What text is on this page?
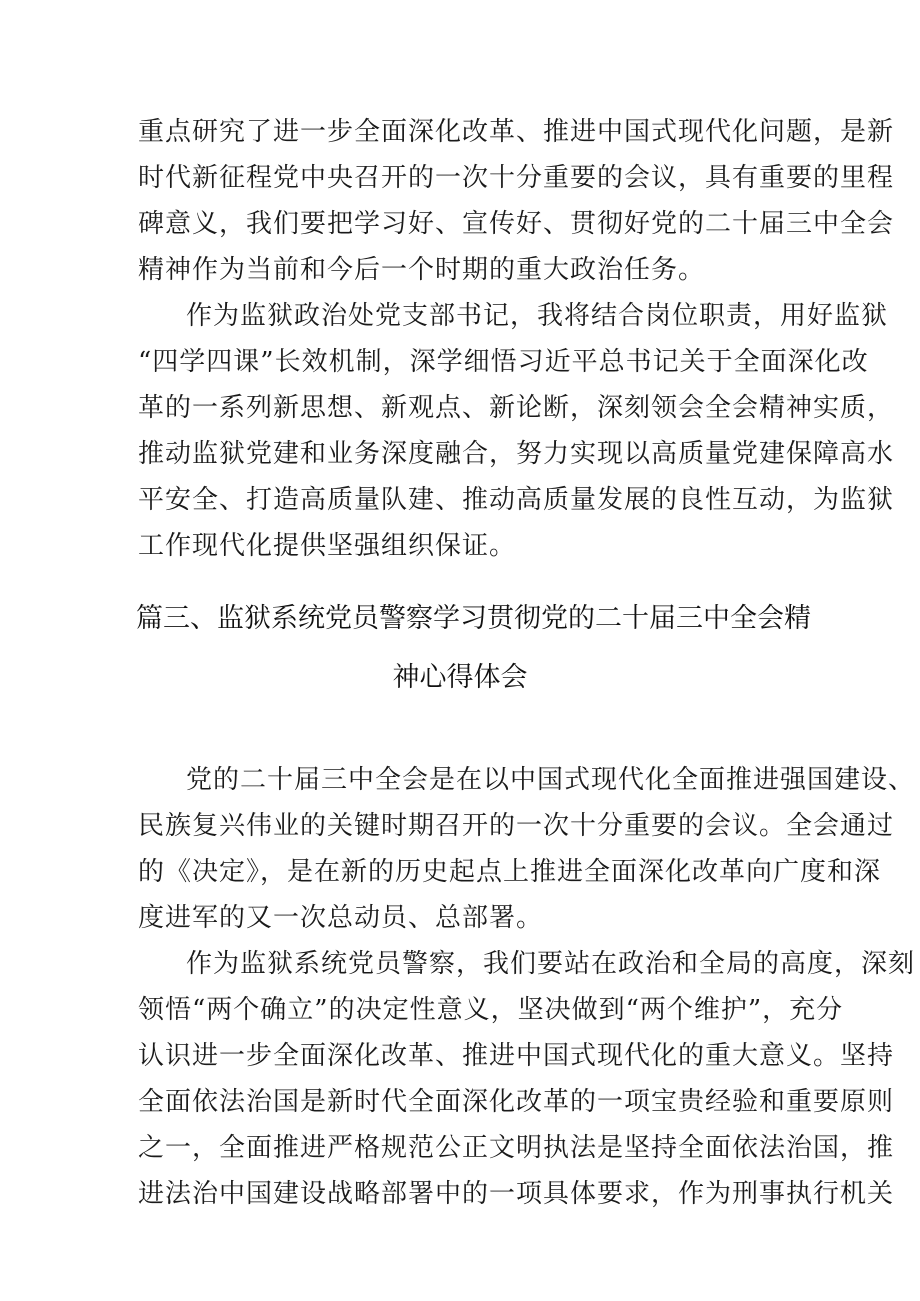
重点研究了进一步全面深化改革、推进中国式现代化问题，是新
时代新征程党中央召开的一次十分重要的会议，具有重要的里程
碑意义，我们要把学习好、宣传好、贯彻好党的二十届三中全会
精神作为当前和今后一个时期的重大政治任务。
作为监狱政治处党支部书记，我将结合岗位职责，用好监狱
“四学四课”长效机制，深学细悟习近平总书记关于全面深化改
革的一系列新思想、新观点、新论断，深刻领会全会精神实质，
推动监狱党建和业务深度融合，努力实现以高质量党建保障高水
平安全、打造高质量队建、推动高质量发展的良性互动，为监狱
工作现代化提供坚强组织保证。
篇三、监狱系统党员警察学习贯彻党的二十届三中全会精
神心得体会
党的二十届三中全会是在以中国式现代化全面推进强国建设、
民族复兴伟业的关键时期召开的一次十分重要的会议。全会通过
的《决定》，是在新的历史起点上推进全面深化改革向广度和深
度进军的又一次总动员、总部署。
作为监狱系统党员警察，我们要站在政治和全局的高度，深刻
领悟“两个确立”的决定性意义，坚决做到“两个维护”，充分
认识进一步全面深化改革、推进中国式现代化的重大意义。坚持
全面依法治国是新时代全面深化改革的一项宝贵经验和重要原则
之一，全面推进严格规范公正文明执法是坚持全面依法治国，推
进法治中国建设战略部署中的一项具体要求，作为刑事执行机关
